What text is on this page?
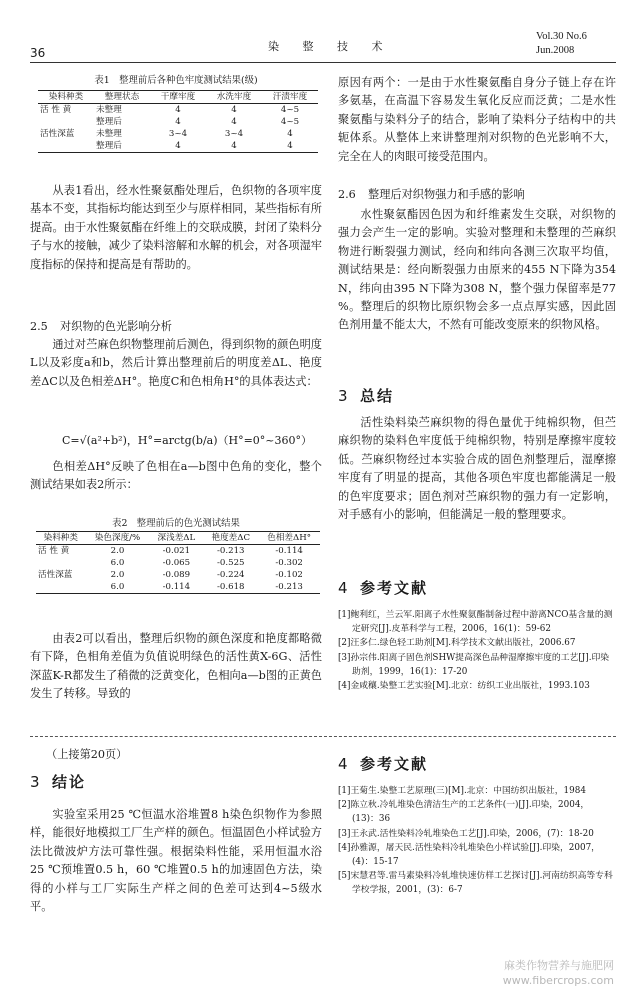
36	染 整 技 术
Vol.30 No.6
Jun.2008
表1　整理前后各种色牢度测试结果(级)
染料种类	整理状态	干摩牢度	水洗牢度	汗渍牢度
活 性 黄	未整理	4	4	4~5
	整理后	4	4	4~5
活性深蓝	未整理	3~4	3~4	4
	整理后	4	4	4
从表1看出，经水性聚氨酯处理后，色织物的各项牢度基本不变，其指标均能达到至少与原样相同，某些指标有所提高。由于水性聚氨酯在纤维上的交联成膜，封闭了染料分子与水的接触，减少了染料溶解和水解的机会，对各项湿牢度指标的保持和提高是有帮助的。
2.5 对织物的色光影响分析
通过对苎麻色织物整理前后测色，得到织物的颜色明度L以及彩度a和b，然后计算出整理前后的明度差ΔL、艳度差ΔC以及色相差ΔH°。艳度C和色相角H°的具体表达式：
C=√(a²+b²)，H°=arctg(b/a)（H°=0°~360°）
色相差ΔH°反映了色相在a—b图中色角的变化，整个测试结果如表2所示：
表2　整理前后的色光测试结果
染料种类	染色深度/%	深浅差ΔL	艳度差ΔC	色相差ΔH°
活 性 黄	2.0	-0.021	-0.213	-0.114
	6.0	-0.065	-0.525	-0.302
活性深蓝	2.0	-0.089	-0.224	-0.102
	6.0	-0.114	-0.618	-0.213
由表2可以看出，整理后织物的颜色深度和艳度都略微有下降，色相角差值为负值说明绿色的活性黄X-6G、活性深蓝K-R都发生了稍微的泛黄变化，色相向a—b图的正黄色发生了转移。导致的
原因有两个：一是由于水性聚氨酯自身分子链上存在许多氨基，在高温下容易发生氧化反应而泛黄；二是水性聚氨酯与染料分子的结合，影响了染料分子结构中的共轭体系。从整体上来讲整理剂对织物的色光影响不大，完全在人的肉眼可接受范围内。
2.6 整理后对织物强力和手感的影响
水性聚氨酯因色因为和纤维素发生交联，对织物的强力会产生一定的影响。实验对整理和未整理的苎麻织物进行断裂强力测试，经向和纬向各测三次取平均值，测试结果是：经向断裂强力由原来的455 N下降为354 N，纬向由395 N下降为308 N，整个强力保留率是77 %。整理后的织物比原织物会多一点点厚实感，因此固色剂用量不能太大，不然有可能改变原来的织物风格。
3 总结
活性染料染苎麻织物的得色量优于纯棉织物，但苎麻织物的染料色牢度低于纯棉织物，特别是摩擦牢度较低。苎麻织物经过本实验合成的固色剂整理后，湿摩擦牢度有了明显的提高，其他各项色牢度也都能满足一般的色牢度要求；固色剂对苎麻织物的强力有一定影响，对手感有小的影响，但能满足一般的整理要求。
4 参考文献
[1]鲍利红，兰云军.阳离子水性聚氨酯制备过程中游离NCO基含量的测定研究[J].皮革科学与工程，2006，16(1)：59-62
[2]汪多仁.绿色轻工助剂[M].科学技术文献出版社，2006.67
[3]孙宗伟.阳离子固色剂SHW提高深色品种湿摩擦牢度的工艺[J].印染助剂，1999，16(1)：17-20
[4]金咸穰.染整工艺实验[M].北京：纺织工业出版社，1993.103
（上接第20页）
3 结论
实验室采用25 ℃恒温水浴堆置8 h染色织物作为参照样，能很好地模拟工厂生产样的颜色。恒温固色小样试验方法比微波炉方法可靠性强。根据染料性能，采用恒温水浴25 ℃预堆置0.5 h，60 ℃堆置0.5 h的加速固色方法，染得的小样与工厂实际生产样之间的色差可达到4~5级水平。
4 参考文献
[1]王菊生.染整工艺原理(三)[M].北京：中国纺织出版社，1984
[2]陈立秋.冷轧堆染色清洁生产的工艺条件(一)[J].印染，2004，(13)：36
[3]王永武.活性染料冷轧堆染色工艺[J].印染，2006，(7)：18-20
[4]孙雅源，屠天民.活性染料冷轧堆染色小样试验[J].印染，2007，(4)：15-17
[5]宋慧君等.雷马素染料冷轧堆快速仿样工艺探讨[J].河南纺织高等专科学校学报，2001，(3)：6-7
麻类作物营养与施肥网
www.fibercrops.com
